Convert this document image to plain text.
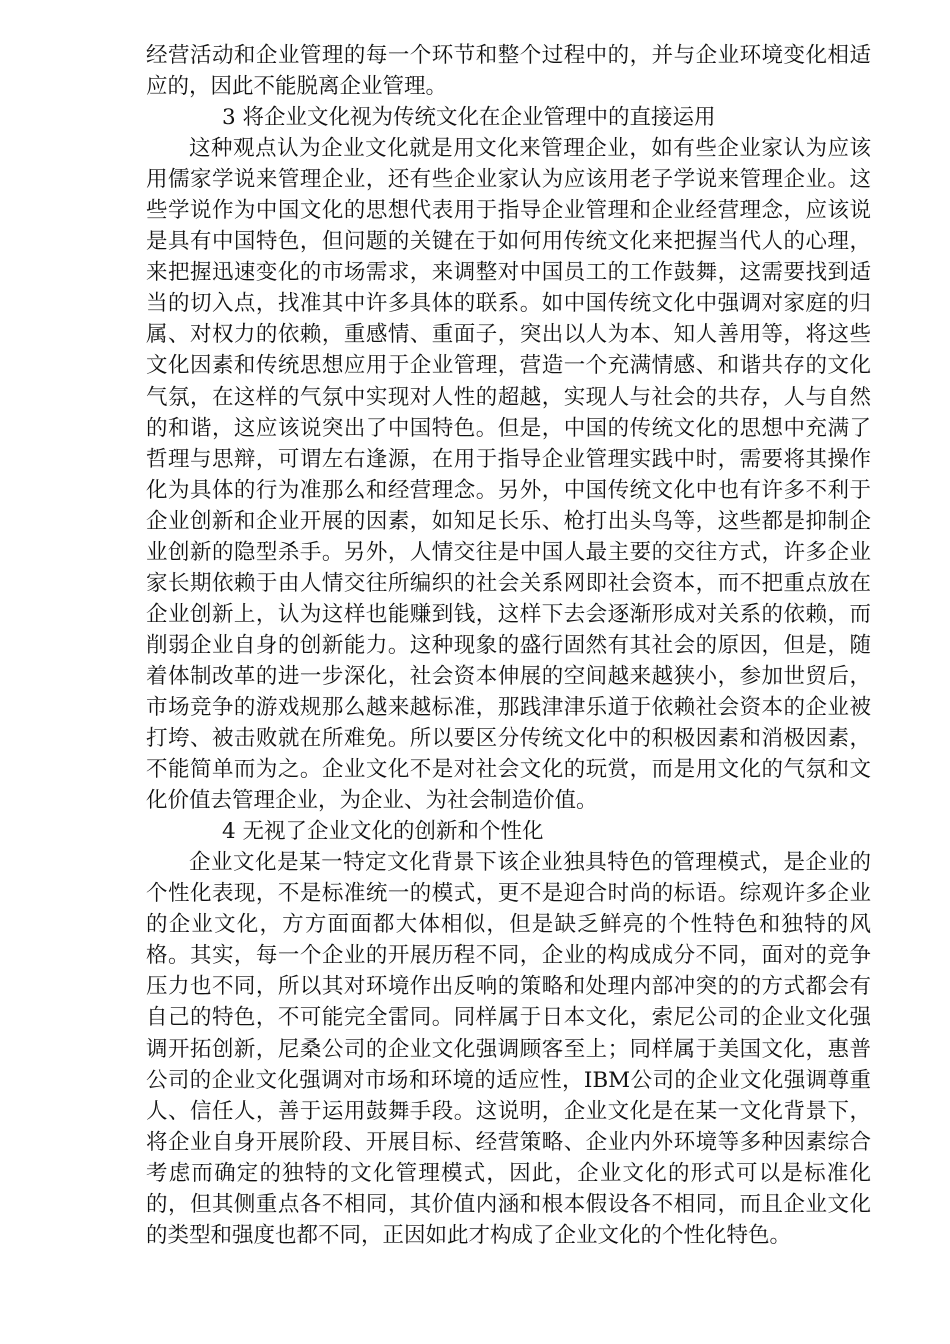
经营活动和企业管理的每一个环节和整个过程中的，并与企业环境变化相适应的，因此不能脱离企业管理。

3 将企业文化视为传统文化在企业管理中的直接运用

这种观点认为企业文化就是用文化来管理企业，如有些企业家认为应该用儒家学说来管理企业，还有些企业家认为应该用老子学说来管理企业。这些学说作为中国文化的思想代表用于指导企业管理和企业经营理念，应该说是具有中国特色，但问题的关键在于如何用传统文化来把握当代人的心理，来把握迅速变化的市场需求，来调整对中国员工的工作鼓舞，这需要找到适当的切入点，找准其中许多具体的联系。如中国传统文化中强调对家庭的归属、对权力的依赖，重感情、重面子，突出以人为本、知人善用等，将这些文化因素和传统思想应用于企业管理，营造一个充满情感、和谐共存的文化气氛，在这样的气氛中实现对人性的超越，实现人与社会的共存，人与自然的和谐，这应该说突出了中国特色。但是，中国的传统文化的思想中充满了哲理与思辩，可谓左右逢源，在用于指导企业管理实践中时，需要将其操作化为具体的行为准那么和经营理念。另外，中国传统文化中也有许多不利于企业创新和企业开展的因素，如知足长乐、枪打出头鸟等，这些都是抑制企业创新的隐型杀手。另外，人情交往是中国人最主要的交往方式，许多企业家长期依赖于由人情交往所编织的社会关系网即社会资本，而不把重点放在企业创新上，认为这样也能赚到钱，这样下去会逐渐形成对关系的依赖，而削弱企业自身的创新能力。这种现象的盛行固然有其社会的原因，但是，随着体制改革的进一步深化，社会资本伸展的空间越来越狭小，参加世贸后，市场竞争的游戏规那么越来越标准，那践津津乐道于依赖社会资本的企业被打垮、被击败就在所难免。所以要区分传统文化中的积极因素和消极因素，不能简单而为之。企业文化不是对社会文化的玩赏，而是用文化的气氛和文化价值去管理企业，为企业、为社会制造价值。

4 无视了企业文化的创新和个性化

企业文化是某一特定文化背景下该企业独具特色的管理模式，是企业的个性化表现，不是标准统一的模式，更不是迎合时尚的标语。综观许多企业的企业文化，方方面面都大体相似，但是缺乏鲜亮的个性特色和独特的风格。其实，每一个企业的开展历程不同，企业的构成成分不同，面对的竞争压力也不同，所以其对环境作出反响的策略和处理内部冲突的的方式都会有自己的特色，不可能完全雷同。同样属于日本文化，索尼公司的企业文化强调开拓创新，尼桑公司的企业文化强调顾客至上；同样属于美国文化，惠普公司的企业文化强调对市场和环境的适应性，IBM公司的企业文化强调尊重人、信任人，善于运用鼓舞手段。这说明，企业文化是在某一文化背景下，将企业自身开展阶段、开展目标、经营策略、企业内外环境等多种因素综合考虑而确定的独特的文化管理模式，因此，企业文化的形式可以是标准化的，但其侧重点各不相同，其价值内涵和根本假设各不相同，而且企业文化的类型和强度也都不同，正因如此才构成了企业文化的个性化特色。
